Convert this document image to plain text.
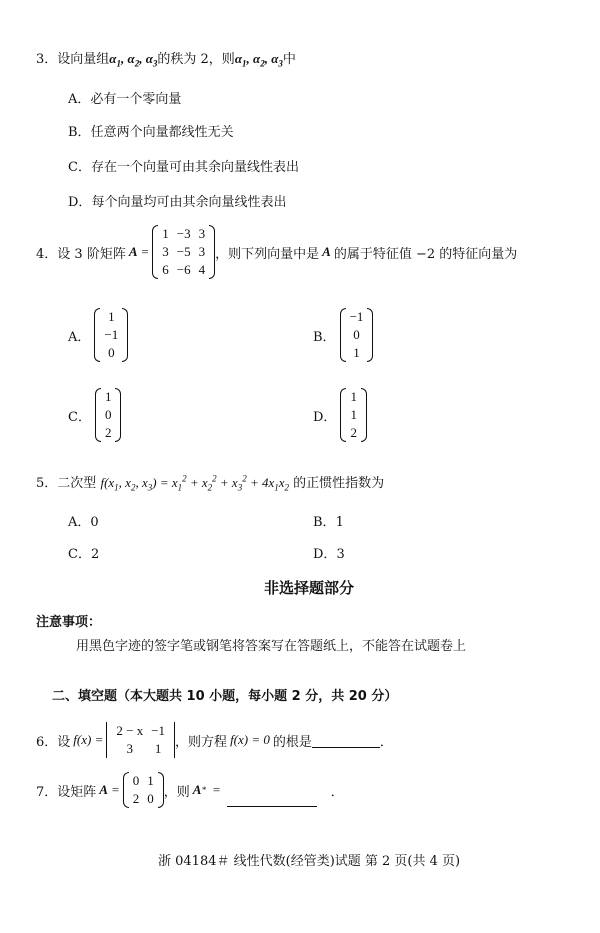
3．设向量组$\alpha_1$, $\alpha_2$, $\alpha_3$的秩为 2，则$\alpha_1$, $\alpha_2$, $\alpha_3$中
A．必有一个零向量
B．任意两个向量都线性无关
C．存在一个向量可由其余向量线性表出
D．每个向量均可由其余向量线性表出
4． 设 3 阶矩阵 A =
1	−3	3
3	−5	3
6	−6	4
，则下列向量中是 A 的属于特征值 −2 的特征向量为
A．
1
−1
0
B．
−1
0
1
C．
1
0
2
D．
1
1
2
5．二次型 $f(x_1$, $x_2$, $x_3) = x_1^2 + x_2^2 + x_3^2 + 4x_1x_2$ 的正惯性指数为
A．0	B．1
C．2	D．3
非选择题部分
注意事项：
用黑色字迹的签字笔或钢笔将答案写在答题纸上，不能答在试题卷上
二、填空题（本大题共 10 小题，每小题 2 分，共 20 分）
6． 设 f(x) =
2 − x	−1
3	1 ，则方程 f(x) = 0 的根是	．
7． 设矩阵 A =
0	1
2	0 ，则 A * =	．
浙 04184＃ 线性代数(经管类)试题 第 2 页(共 4 页)
